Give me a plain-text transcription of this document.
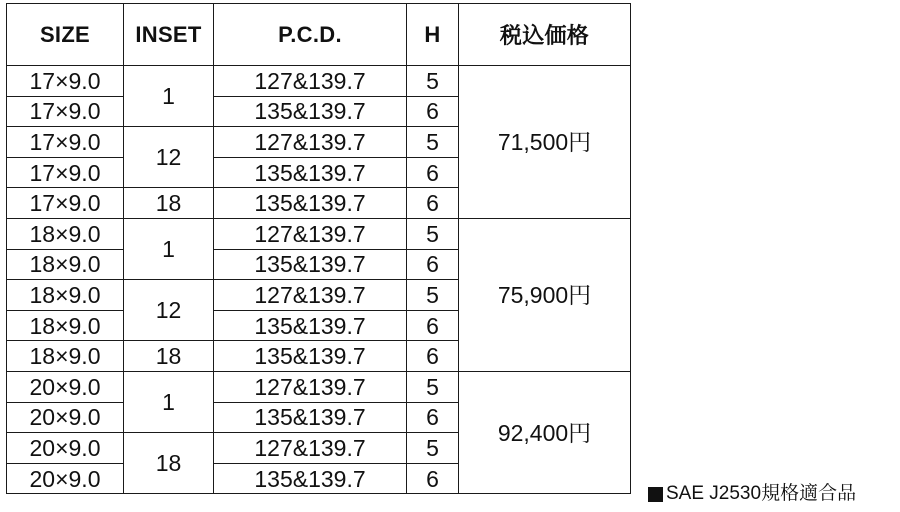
SIZE	INSET	P.C.D.	H	税込価格
17×9.0	1	127&139.7	5	71,500円
17×9.0		135&139.7	6	
17×9.0	12	127&139.7	5	
17×9.0		135&139.7	6	
17×9.0	18	135&139.7	6	
18×9.0	1	127&139.7	5	75,900円
18×9.0		135&139.7	6	
18×9.0	12	127&139.7	5	
18×9.0		135&139.7	6	
18×9.0	18	135&139.7	6	
20×9.0	1	127&139.7	5	92,400円
20×9.0		135&139.7	6	
20×9.0	18	127&139.7	5	
20×9.0		135&139.7	6	
SAE J2530規格適合品
